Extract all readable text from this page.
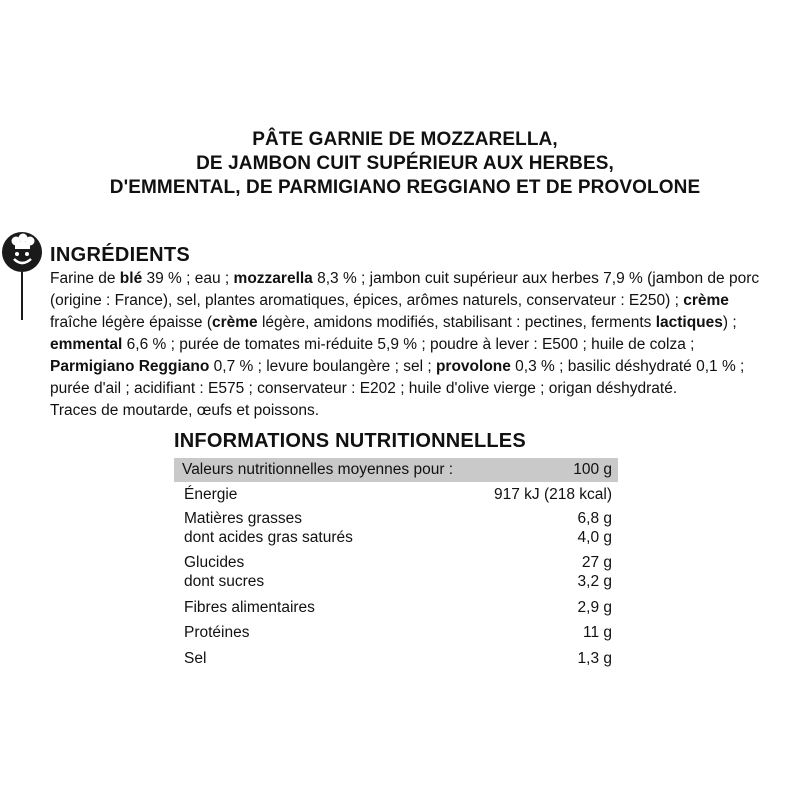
PÂTE GARNIE DE MOZZARELLA,
DE JAMBON CUIT SUPÉRIEUR AUX HERBES,
D'EMMENTAL, DE PARMIGIANO REGGIANO ET DE PROVOLONE
INGRÉDIENTS
Farine de blé 39 % ; eau ; mozzarella 8,3 % ; jambon cuit supérieur aux herbes 7,9 % (jambon de porc
(origine : France), sel, plantes aromatiques, épices, arômes naturels, conservateur : E250) ; crème
fraîche légère épaisse (crème légère, amidons modifiés, stabilisant : pectines, ferments lactiques) ;
emmental 6,6 % ; purée de tomates mi-réduite 5,9 % ; poudre à lever : E500 ; huile de colza ;
Parmigiano Reggiano 0,7 % ; levure boulangère ; sel ; provolone 0,3 % ; basilic déshydraté 0,1 % ;
purée d'ail ; acidifiant : E575 ; conservateur : E202 ; huile d'olive vierge ; origan déshydraté.
Traces de moutarde, œufs et poissons.
INFORMATIONS NUTRITIONNELLES
Valeurs nutritionnelles moyennes pour :	100 g
Énergie	917 kJ (218 kcal)
Matières grasses	6,8 g
dont acides gras saturés	4,0 g
Glucides	27 g
dont sucres	3,2 g
Fibres alimentaires	2,9 g
Protéines	11 g
Sel	1,3 g
